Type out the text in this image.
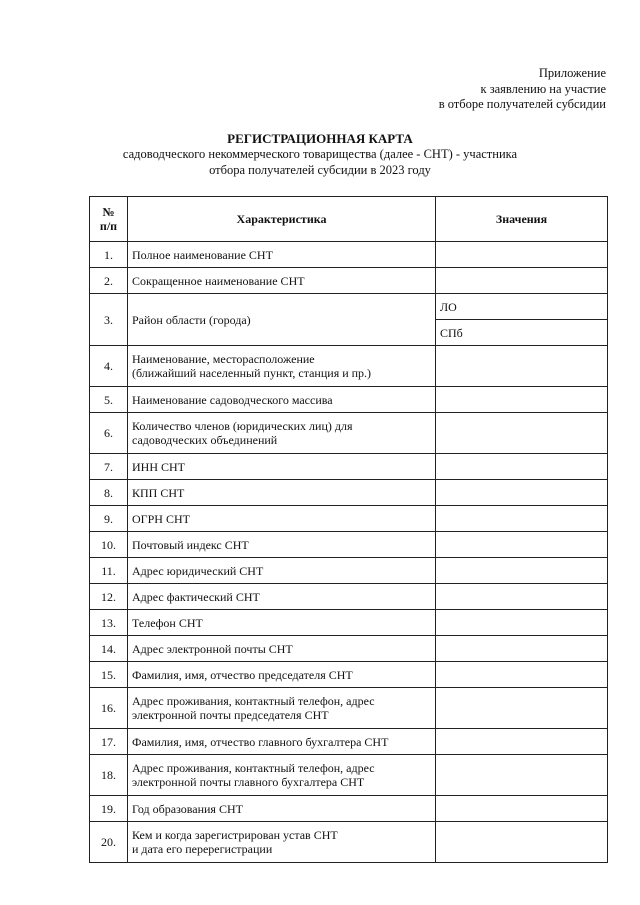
Приложение
к заявлению на участие
в отборе получателей субсидии
РЕГИСТРАЦИОННАЯ КАРТА
садоводческого некоммерческого товарищества (далее - СНТ) - участника
отбора получателей субсидии в 2023 году
№
п/п	Характеристика	Значения
1.	Полное наименование СНТ	
2.	Сокращенное наименование СНТ	
3.	Район области (города)	ЛО
		СПб
4.	Наименование, месторасположение
(ближайший населенный пункт, станция и пр.)	

5.	Наименование садоводческого массива	
6.	Количество членов (юридических лиц) для
садоводческих объединений	

7.	ИНН СНТ	
8.	КПП СНТ	
9.	ОГРН СНТ	
10.	Почтовый индекс СНТ	
11.	Адрес юридический СНТ	
12.	Адрес фактический СНТ	
13.	Телефон СНТ	
14.	Адрес электронной почты СНТ	
15.	Фамилия, имя, отчество председателя СНТ	
16.	Адрес проживания, контактный телефон, адрес
электронной почты председателя СНТ	

17.	Фамилия, имя, отчество главного бухгалтера СНТ	
18.	Адрес проживания, контактный телефон, адрес
электронной почты главного бухгалтера СНТ	

19.	Год образования СНТ	
20.	Кем и когда зарегистрирован устав СНТ
и дата его перерегистрации	
